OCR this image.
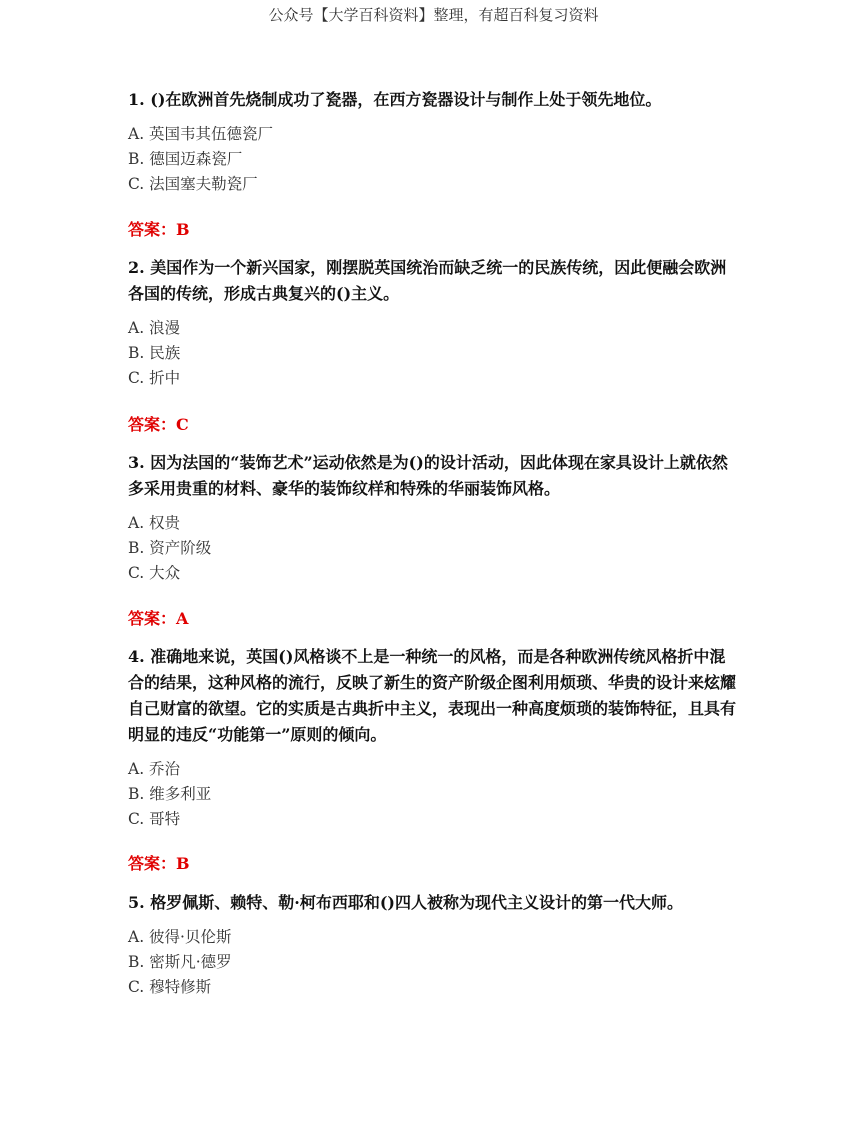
公众号【大学百科资料】整理，有超百科复习资料

1. ()在欧洲首先烧制成功了瓷器，在西方瓷器设计与制作上处于领先地位。

A. 英国韦其伍德瓷厂
B. 德国迈森瓷厂
C. 法国塞夫勒瓷厂
答案：B

2. 美国作为一个新兴国家，刚摆脱英国统治而缺乏统一的民族传统，因此便融会欧洲各国的传统，形成古典复兴的()主义。

A. 浪漫
B. 民族
C. 折中
答案：C

3. 因为法国的“装饰艺术”运动依然是为()的设计活动，因此体现在家具设计上就依然多采用贵重的材料、豪华的装饰纹样和特殊的华丽装饰风格。

A. 权贵
B. 资产阶级
C. 大众
答案：A

4. 准确地来说，英国()风格谈不上是一种统一的风格，而是各种欧洲传统风格折中混合的结果，这种风格的流行，反映了新生的资产阶级企图利用烦琐、华贵的设计来炫耀自己财富的欲望。它的实质是古典折中主义，表现出一种高度烦琐的装饰特征，且具有明显的违反“功能第一”原则的倾向。

A. 乔治
B. 维多利亚
C. 哥特
答案：B

5. 格罗佩斯、赖特、勒·柯布西耶和()四人被称为现代主义设计的第一代大师。

A. 彼得·贝伦斯
B. 密斯凡·德罗
C. 穆特修斯
